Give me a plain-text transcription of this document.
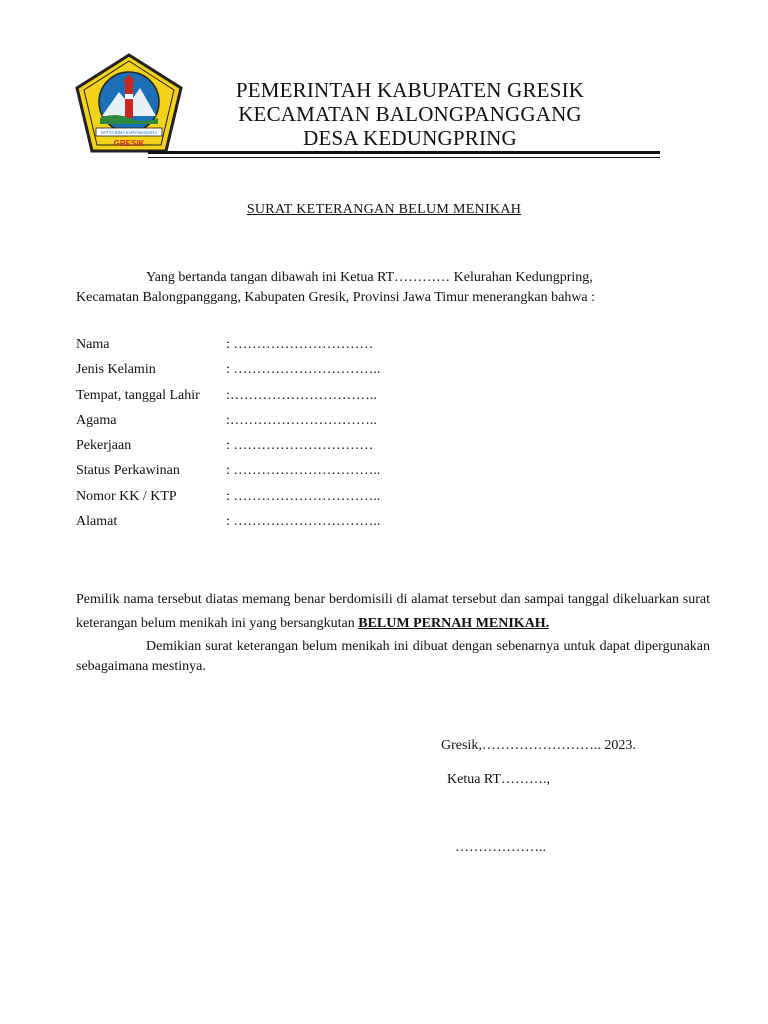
SATYA BINA KARYANAGARA
GRESIK
PEMERINTAH KABUPATEN GRESIK
KECAMATAN BALONGPANGGANG
DESA KEDUNGPRING
SURAT KETERANGAN BELUM MENIKAH
Yang bertanda tangan dibawah ini Ketua RT………… Kelurahan Kedungpring,
Kecamatan Balongpanggang, Kabupaten Gresik, Provinsi Jawa Timur menerangkan bahwa :
Nama	: …………………………
Jenis Kelamin	: …………………………..
Tempat, tanggal Lahir :…………………………..
Agama	:…………………………..
Pekerjaan	: …………………………
Status Perkawinan	: …………………………..
Nomor KK / KTP	: …………………………..
Alamat	: …………………………..
Pemilik nama tersebut diatas memang benar berdomisili di alamat tersebut dan sampai tanggal dikeluarkan surat keterangan belum menikah ini yang bersangkutan BELUM PERNAH MENIKAH.
Demikian surat keterangan belum menikah ini dibuat dengan sebenarnya untuk dapat dipergunakan sebagaimana mestinya.
Gresik,…………………….. 2023.
Ketua RT……….,
………………..
